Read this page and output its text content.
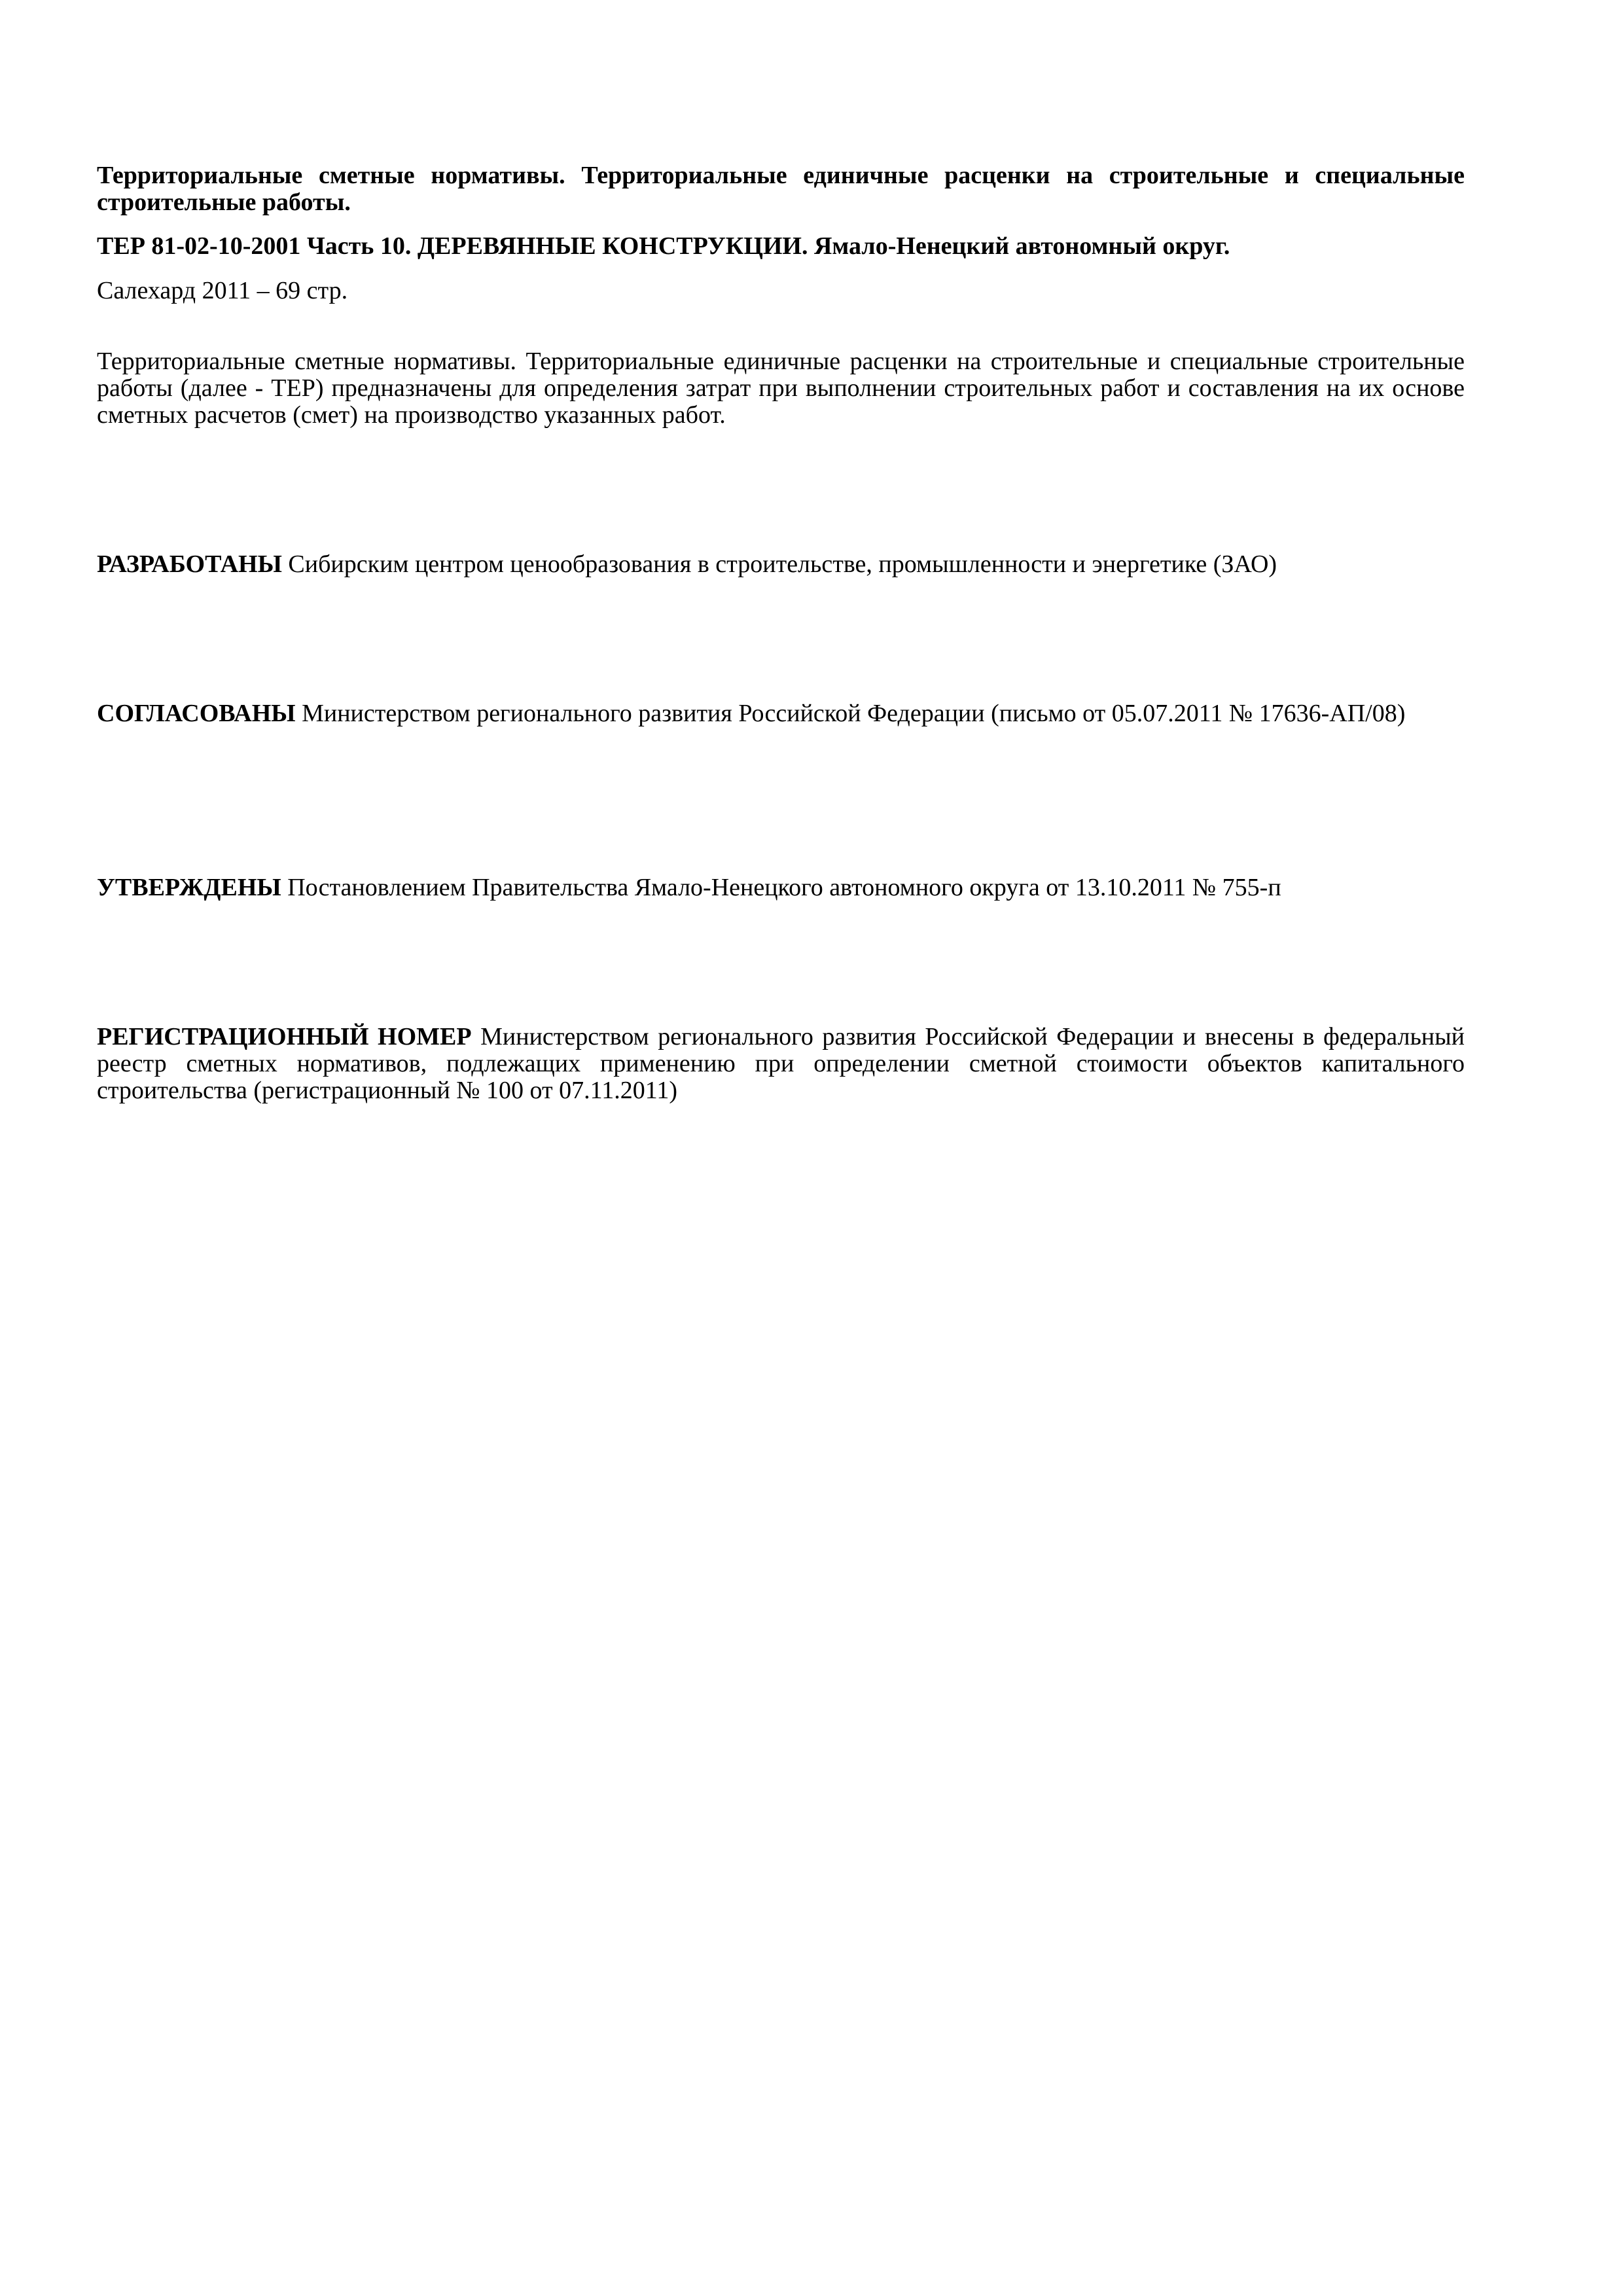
Территориальные сметные нормативы. Территориальные единичные расценки на строительные и специальные строительные работы.
ТЕР 81-02-10-2001 Часть 10. ДЕРЕВЯННЫЕ КОНСТРУКЦИИ. Ямало-Ненецкий автономный округ.
Салехард 2011 – 69 стр.
Территориальные сметные нормативы. Территориальные единичные расценки на строительные и специальные строительные работы (далее - ТЕР) предназначены для определения затрат при выполнении строительных работ и составления на их основе сметных расчетов (смет) на производство указанных работ.
РАЗРАБОТАНЫ Сибирским центром ценообразования в строительстве, промышленности и энергетике (ЗАО)
СОГЛАСОВАНЫ Министерством регионального развития Российской Федерации (письмо от 05.07.2011 № 17636-АП/08)
УТВЕРЖДЕНЫ Постановлением Правительства Ямало-Ненецкого автономного округа от 13.10.2011 № 755-п
РЕГИСТРАЦИОННЫЙ НОМЕР Министерством регионального развития Российской Федерации и внесены в федеральный реестр сметных нормативов, подлежащих применению при определении сметной стоимости объектов капитального строительства (регистрационный № 100 от 07.11.2011)
